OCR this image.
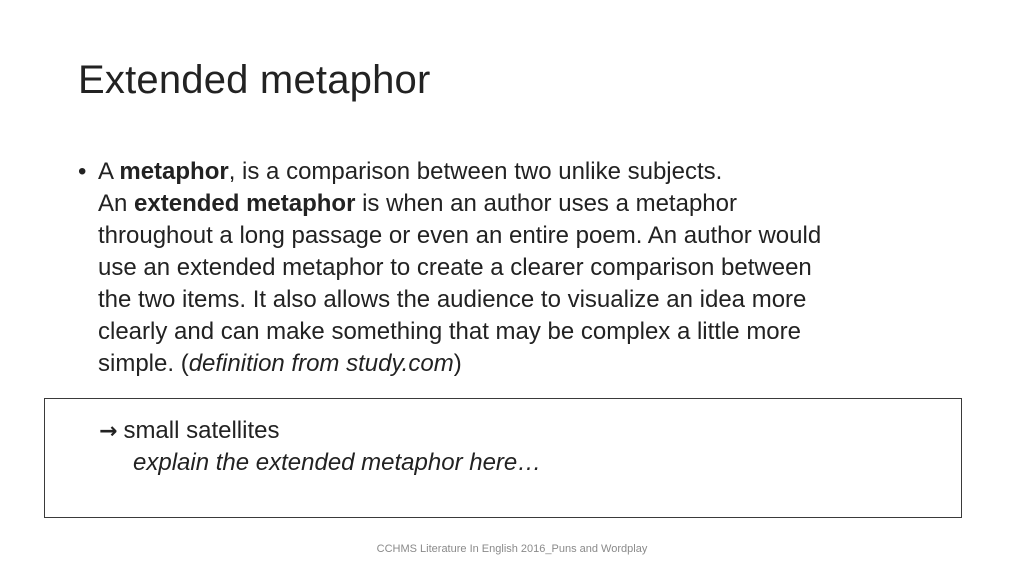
Extended metaphor
• A metaphor, is a comparison between two unlike subjects.
An extended metaphor is when an author uses a metaphor
throughout a long passage or even an entire poem. An author would
use an extended metaphor to create a clearer comparison between
the two items. It also allows the audience to visualize an idea more
clearly and can make something that may be complex a little more
simple. (definition from study.com)
→ small satellites
explain the extended metaphor here…
CCHMS Literature In English 2016_Puns and Wordplay
